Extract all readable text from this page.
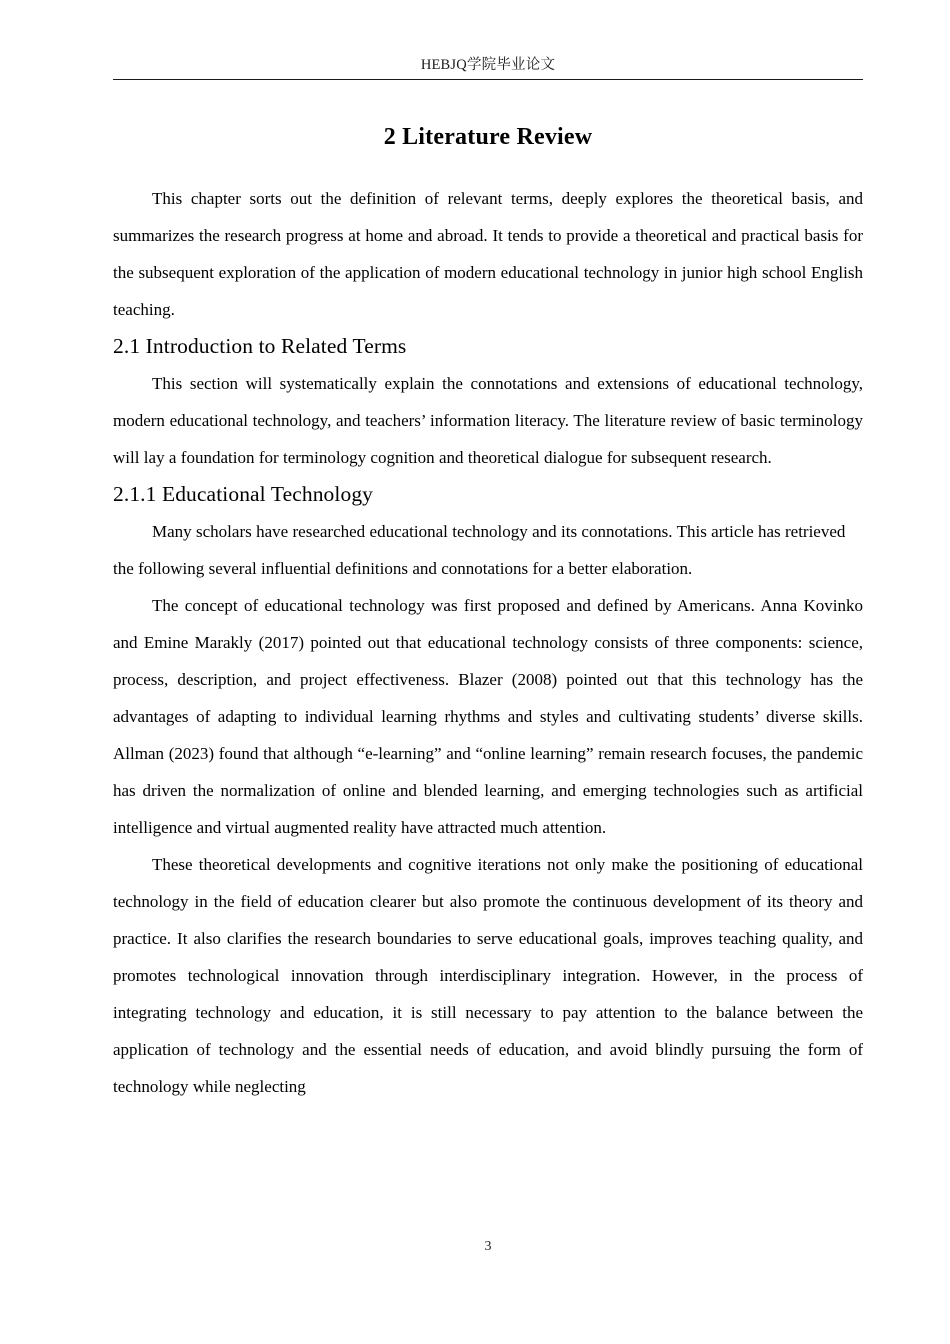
HEBJQ学院毕业论文
2 Literature Review

This chapter sorts out the definition of relevant terms, deeply explores the theoretical basis, and summarizes the research progress at home and abroad. It tends to provide a theoretical and practical basis for the subsequent exploration of the application of modern educational technology in junior high school English teaching.

2.1 Introduction to Related Terms

This section will systematically explain the connotations and extensions of educational technology, modern educational technology, and teachers’ information literacy. The literature review of basic terminology will lay a foundation for terminology cognition and theoretical dialogue for subsequent research.

2.1.1 Educational Technology

Many scholars have researched educational technology and its connotations. This article has retrieved the following several influential definitions and connotations for a better elaboration.

The concept of educational technology was first proposed and defined by Americans. Anna Kovinko and Emine Marakly (2017) pointed out that educational technology consists of three components: science, process, description, and project effectiveness. Blazer (2008) pointed out that this technology has the advantages of adapting to individual learning rhythms and styles and cultivating students’ diverse skills. Allman (2023) found that although “e-learning” and “online learning” remain research focuses, the pandemic has driven the normalization of online and blended learning, and emerging technologies such as artificial intelligence and virtual augmented reality have attracted much attention.

These theoretical developments and cognitive iterations not only make the positioning of educational technology in the field of education clearer but also promote the continuous development of its theory and practice. It also clarifies the research boundaries to serve educational goals, improves teaching quality, and promotes technological innovation through interdisciplinary integration. However, in the process of integrating technology and education, it is still necessary to pay attention to the balance between the application of technology and the essential needs of education, and avoid blindly pursuing the form of technology while neglecting

3
